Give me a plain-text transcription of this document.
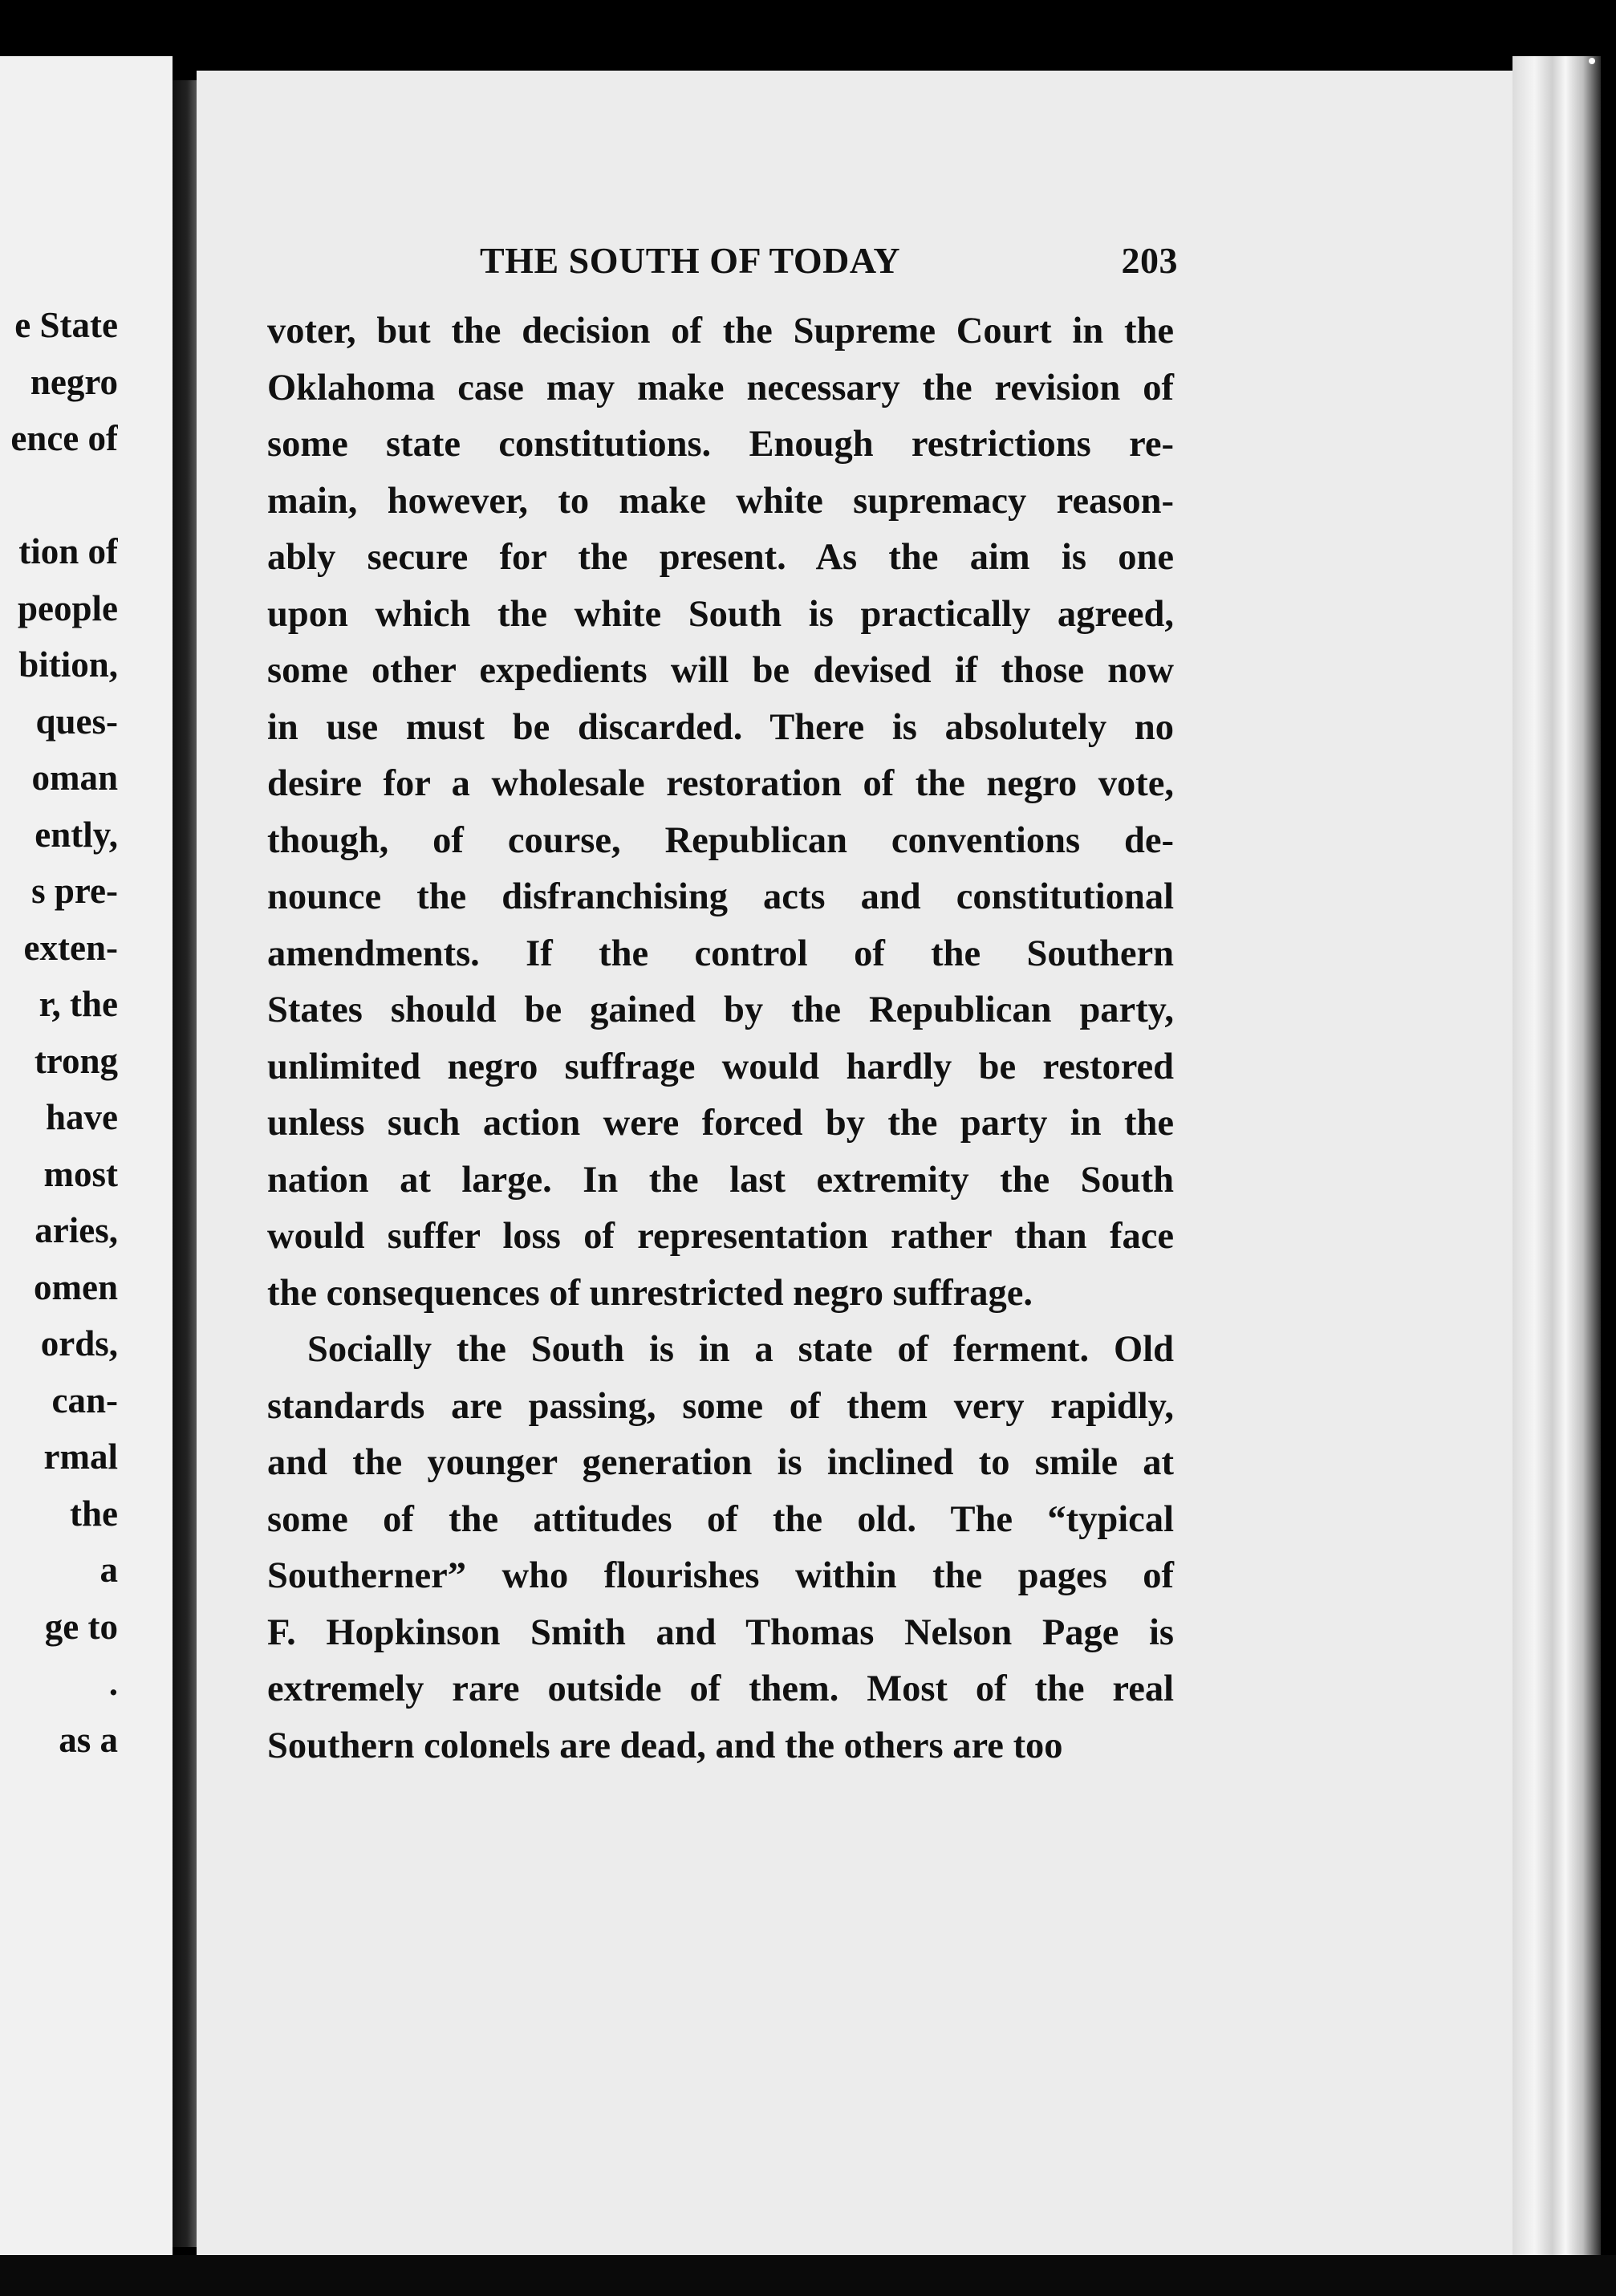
e State
negro
ence of
tion of
people
bition,
ques-
oman
ently,
s pre-
exten-
r, the
trong
have
most
aries,
omen
ords,
can-
rmal
the
a
ge to
.
as a
THE SOUTH OF TODAY	203
voter, but the decision of the Supreme Court in the
Oklahoma case may make necessary the revision of
some state constitutions. Enough restrictions re-
main, however, to make white supremacy reason-
ably secure for the present. As the aim is one
upon which the white South is practically agreed,
some other expedients will be devised if those now
in use must be discarded. There is absolutely no
desire for a wholesale restoration of the negro vote,
though, of course, Republican conventions de-
nounce the disfranchising acts and constitutional
amendments. If the control of the Southern
States should be gained by the Republican party,
unlimited negro suffrage would hardly be restored
unless such action were forced by the party in the
nation at large. In the last extremity the South
would suffer loss of representation rather than face
the consequences of unrestricted negro suffrage.
Socially the South is in a state of ferment. Old
standards are passing, some of them very rapidly,
and the younger generation is inclined to smile at
some of the attitudes of the old. The “typical
Southerner” who flourishes within the pages of
F. Hopkinson Smith and Thomas Nelson Page is
extremely rare outside of them. Most of the real
Southern colonels are dead, and the others are too
